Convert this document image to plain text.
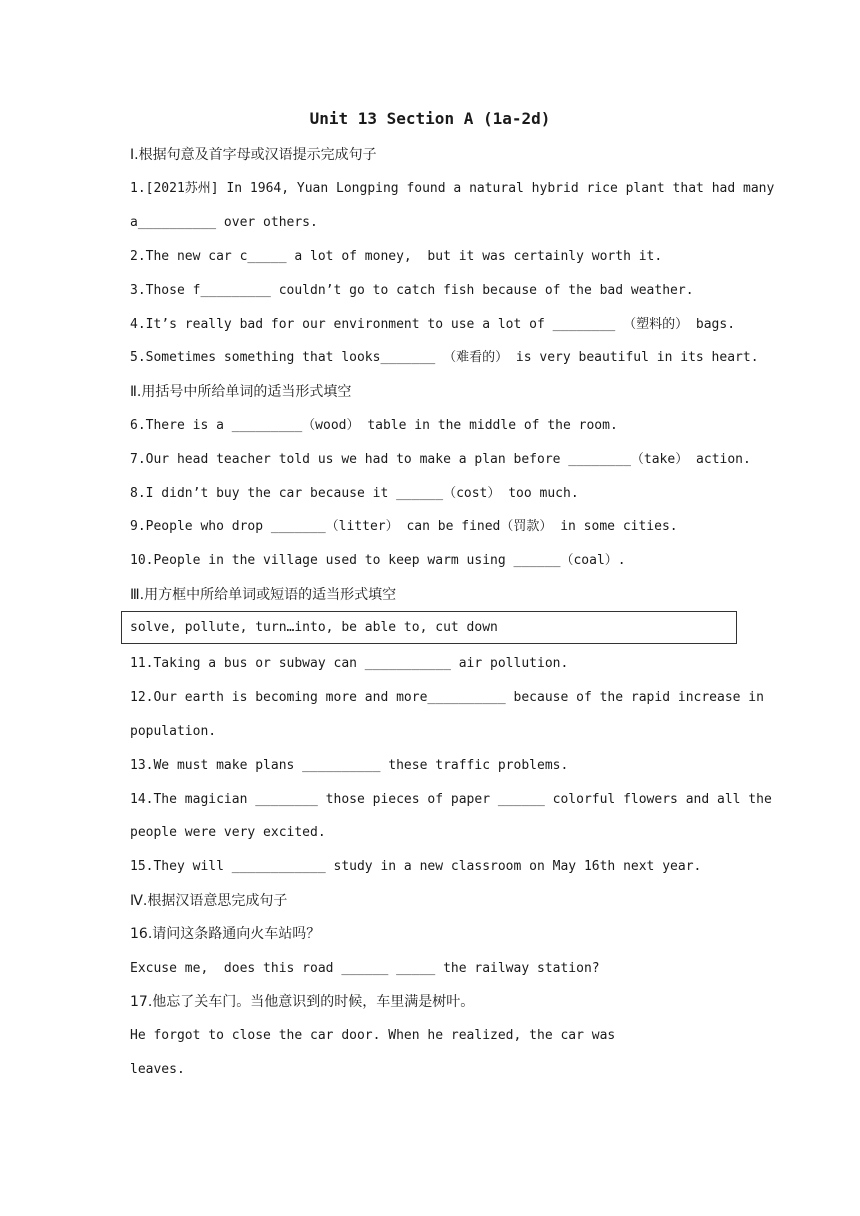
Unit 13 Section A (1a-2d)
Ⅰ.根据句意及首字母或汉语提示完成句子
1.[2021苏州] In 1964, Yuan Longping found a natural hybrid rice plant that had many
a__________ over others.
2.The new car c_____ a lot of money,  but it was certainly worth it.
3.Those f_________ couldn’t go to catch fish because of the bad weather.
4.It’s really bad for our environment to use a lot of ________ （塑料的） bags.
5.Sometimes something that looks_______ （难看的） is very beautiful in its heart.
Ⅱ.用括号中所给单词的适当形式填空
6.There is a _________（wood） table in the middle of the room.
7.Our head teacher told us we had to make a plan before ________（take） action.
8.I didn’t buy the car because it ______（cost） too much.
9.People who drop _______（litter） can be fined（罚款） in some cities.
10.People in the village used to keep warm using ______（coal）.
Ⅲ.用方框中所给单词或短语的适当形式填空
solve, pollute, turn…into, be able to, cut down
11.Taking a bus or subway can ___________ air pollution.
12.Our earth is becoming more and more__________ because of the rapid increase in
population.
13.We must make plans __________ these traffic problems.
14.The magician ________ those pieces of paper ______ colorful flowers and all the
people were very excited.
15.They will ____________ study in a new classroom on May 16th next year.
Ⅳ.根据汉语意思完成句子
16.请问这条路通向火车站吗？
Excuse me,  does this road ______ _____ the railway station?
17.他忘了关车门。当他意识到的时候，车里满是树叶。
He forgot to close the car door. When he realized, the car was
leaves.
